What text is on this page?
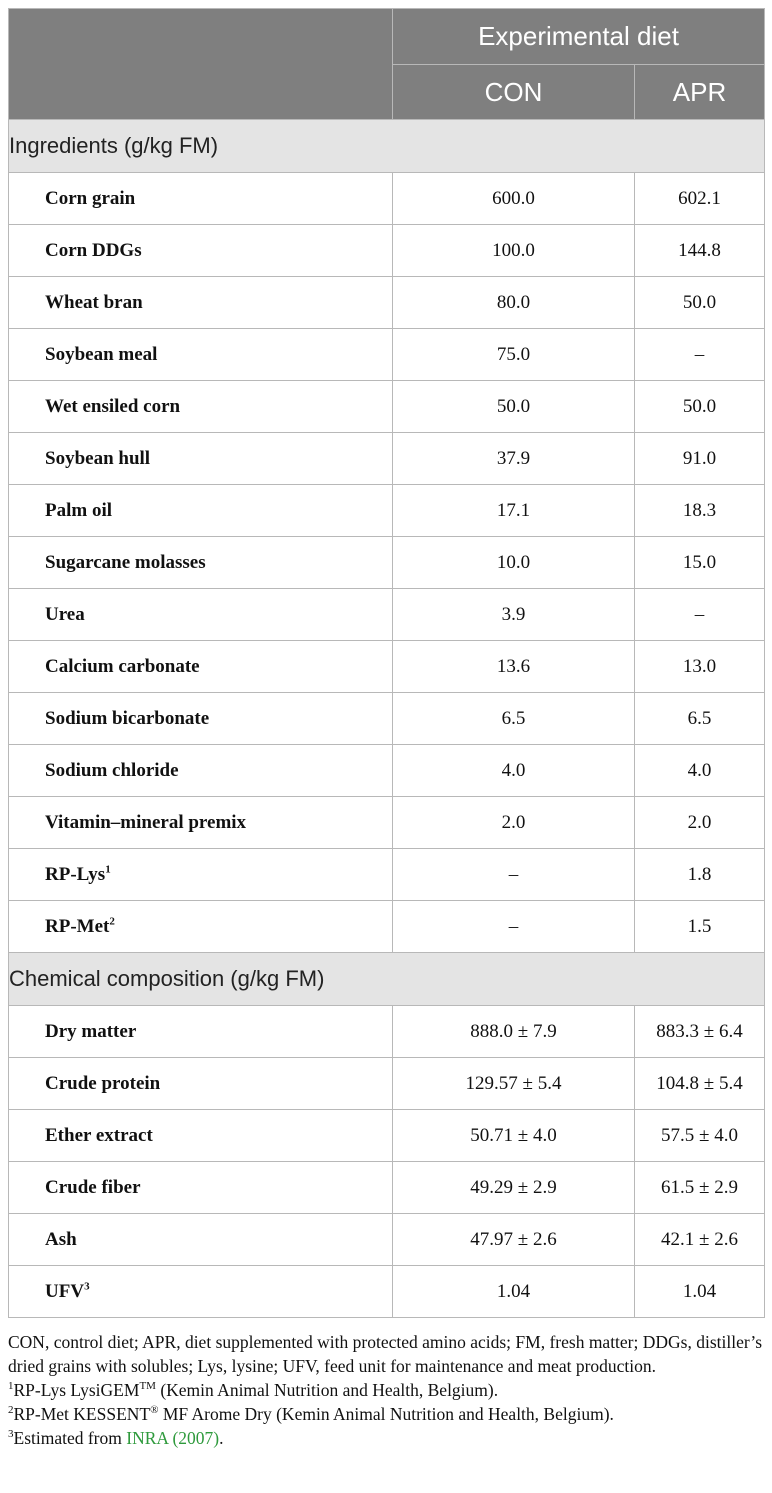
	Experimental diet	
	CON	APR
Ingredients (g/kg FM)		
Corn grain	600.0	602.1
Corn DDGs	100.0	144.8
Wheat bran	80.0	50.0
Soybean meal	75.0	–
Wet ensiled corn	50.0	50.0
Soybean hull	37.9	91.0
Palm oil	17.1	18.3
Sugarcane molasses	10.0	15.0
Urea	3.9	–
Calcium carbonate	13.6	13.0
Sodium bicarbonate	6.5	6.5
Sodium chloride	4.0	4.0
Vitamin–mineral premix	2.0	2.0
RP-Lys$^1$	–	1.8
RP-Met$^2$	–	1.5
Chemical composition (g/kg FM)		
Dry matter	888.0 ± 7.9	883.3 ± 6.4
Crude protein	129.57 ± 5.4	104.8 ± 5.4
Ether extract	50.71 ± 4.0	57.5 ± 4.0
Crude fiber	49.29 ± 2.9	61.5 ± 2.9
Ash	47.97 ± 2.6	42.1 ± 2.6
UFV$^3$	1.04	1.04

CON, control diet; APR, diet supplemented with protected amino acids; FM, fresh matter; DDGs, distiller’s dried grains with solubles; Lys, lysine; UFV, feed unit for maintenance and meat production.

$^1$RP-Lys LysiGEM™ (Kemin Animal Nutrition and Health, Belgium).

$^2$RP-Met KESSENT® MF Arome Dry (Kemin Animal Nutrition and Health, Belgium).

$^3$Estimated from INRA (2007).
